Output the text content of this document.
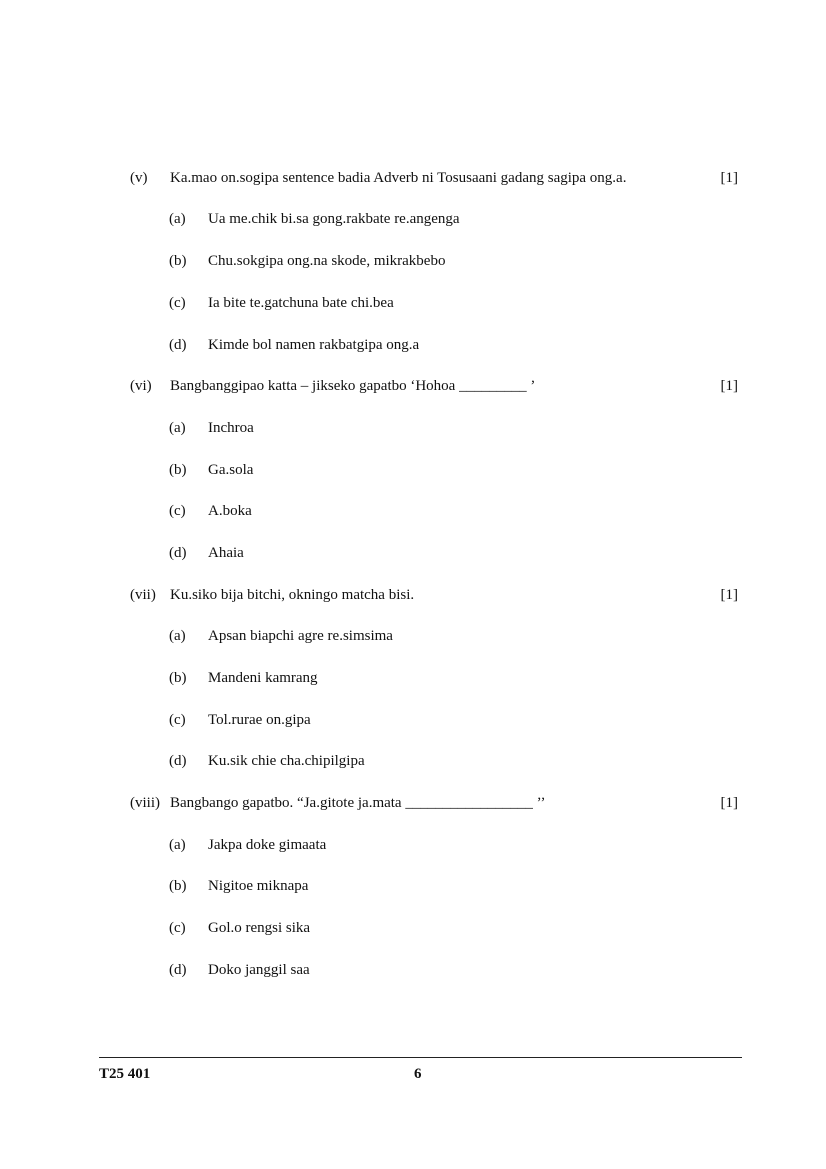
(v) Ka.mao on.sogipa sentence badia Adverb ni Tosusaani gadang sagipa ong.a.	[1]
(a) Ua me.chik bi.sa gong.rakbate re.angenga
(b) Chu.sokgipa ong.na skode, mikrakbebo
(c) Ia bite te.gatchuna bate chi.bea
(d) Kimde bol namen rakbatgipa ong.a
(vi) Bangbanggipao katta – jikseko gapatbo ‘Hohoa _________ ’	[1]
(a) Inchroa
(b) Ga.sola
(c) A.boka
(d) Ahaia
(vii) Ku.siko bija bitchi, okningo matcha bisi.	[1]
(a) Apsan biapchi agre re.simsima
(b) Mandeni kamrang
(c) Tol.rurae on.gipa
(d) Ku.sik chie cha.chipilgipa
(viii) Bangbango gapatbo. “Ja.gitote ja.mata _________________ ’’	[1]
(a) Jakpa doke gimaata
(b) Nigitoe miknapa
(c) Gol.o rengsi sika
(d) Doko janggil saa
T25 401	6
